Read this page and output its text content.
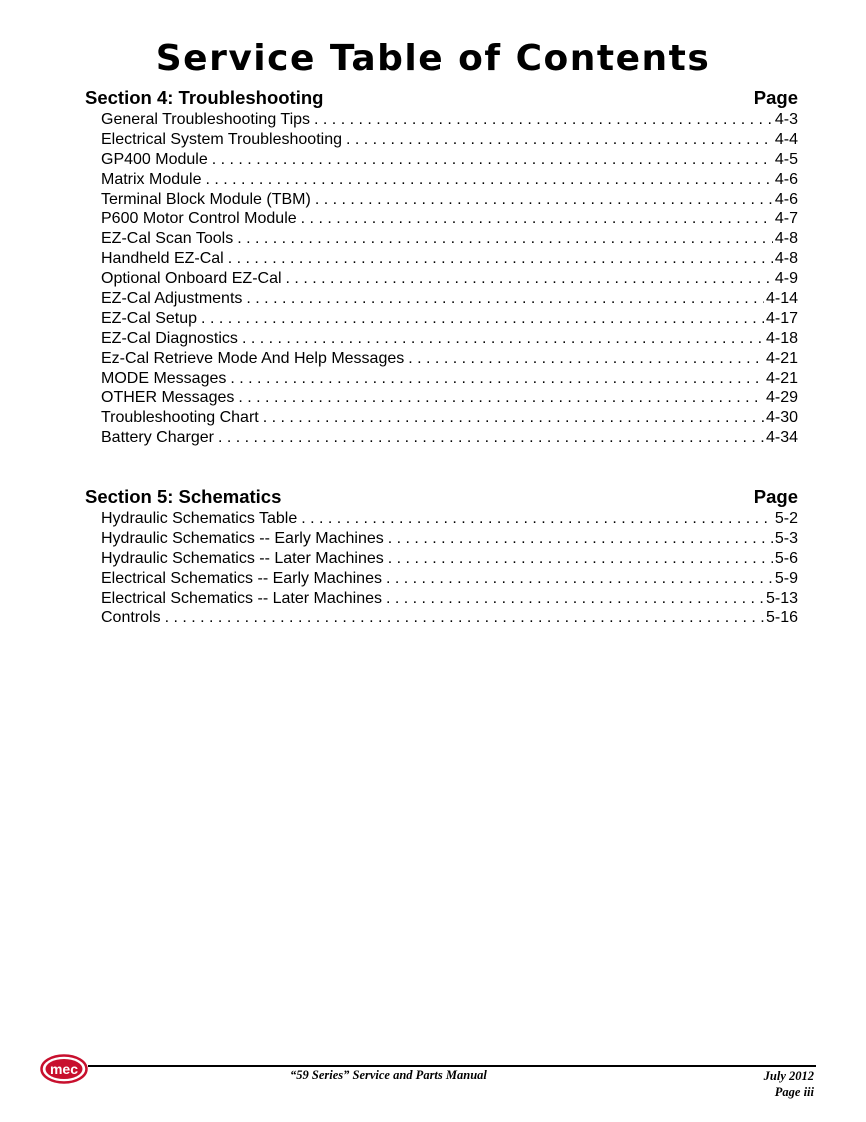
Service Table of Contents
Section 4: Troubleshooting	Page
General Troubleshooting Tips . . .	4-3
Electrical System Troubleshooting . . .	4-4
GP400 Module . . .	4-5
Matrix Module . . .	4-6
Terminal Block Module (TBM) . . .	4-6
P600 Motor Control Module . . .	4-7
EZ-Cal Scan Tools . . .	4-8
Handheld EZ-Cal . . .	4-8
Optional Onboard EZ-Cal . . .	4-9
EZ-Cal Adjustments . . .	4-14
EZ-Cal Setup . . .	4-17
EZ-Cal Diagnostics . . .	4-18
Ez-Cal Retrieve Mode And Help Messages . . .	4-21
MODE Messages . . .	4-21
OTHER Messages . . .	4-29
Troubleshooting Chart . . .	4-30
Battery Charger . . .	4-34
Section 5: Schematics	Page
Hydraulic Schematics Table . . .	5-2
Hydraulic Schematics -- Early Machines . . .	5-3
Hydraulic Schematics -- Later Machines . . .	5-6
Electrical Schematics -- Early Machines . . .	5-9
Electrical Schematics -- Later Machines . . .	5-13
Controls . . .	5-16
mec	“59 Series” Service and Parts Manual	July 2012
Page iii
